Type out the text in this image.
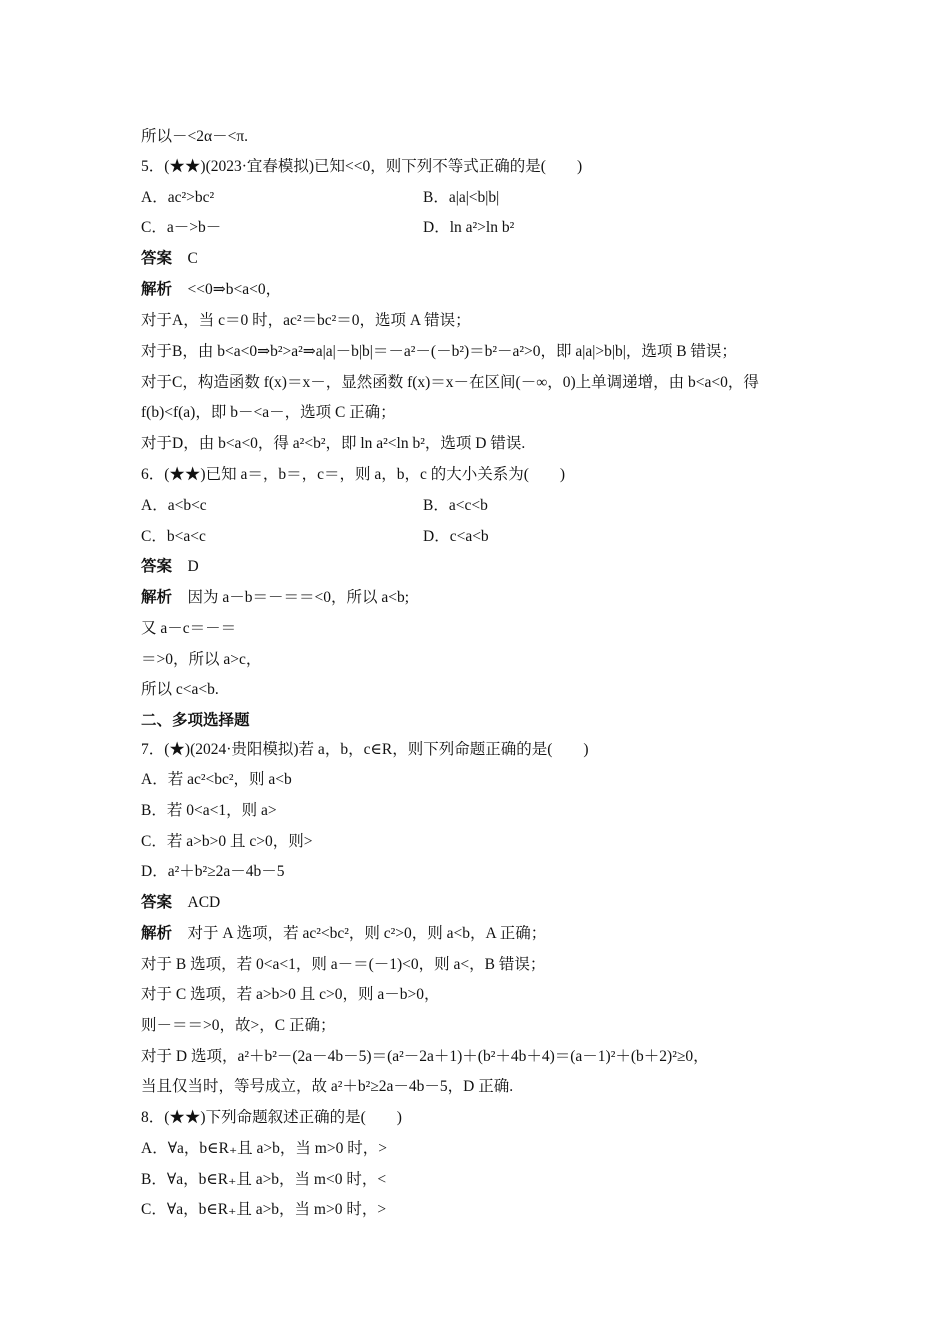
所以－<2α－<π.
5．(★★)(2023·宜春模拟)已知<<0，则下列不等式正确的是(　　)
A．ac²>bc²	B．a|a|<b|b|
C．a－>b－	D．ln a²>ln b²
答案　C
解析　<<0⇒b<a<0，
对于A，当 c＝0 时，ac²＝bc²＝0，选项 A 错误；
对于B，由 b<a<0⇒b²>a²⇒a|a|－b|b|＝－a²－(－b²)＝b²－a²>0，即 a|a|>b|b|，选项 B 错误；
对于C，构造函数 f(x)＝x－，显然函数 f(x)＝x－在区间(－∞，0)上单调递增，由 b<a<0，得
f(b)<f(a)，即 b－<a－，选项 C 正确；
对于D，由 b<a<0，得 a²<b²，即 ln a²<ln b²，选项 D 错误.
6．(★★)已知 a＝，b＝，c＝，则 a，b，c 的大小关系为(　　)
A．a<b<c	B．a<c<b
C．b<a<c	D．c<a<b
答案　D
解析　因为 a－b＝－＝＝<0，所以 a<b;
又 a－c＝－＝
＝>0，所以 a>c，
所以 c<a<b.
二、多项选择题
7．(★)(2024·贵阳模拟)若 a，b，c∈R，则下列命题正确的是(　　)
A．若 ac²<bc²，则 a<b
B．若 0<a<1，则 a>
C．若 a>b>0 且 c>0，则>
D．a²＋b²≥2a－4b－5
答案　ACD
解析　对于 A 选项，若 ac²<bc²，则 c²>0，则 a<b，A 正确；
对于 B 选项，若 0<a<1，则 a－＝(－1)<0，则 a<，B 错误；
对于 C 选项，若 a>b>0 且 c>0，则 a－b>0，
则－＝＝>0，故>，C 正确；
对于 D 选项，a²＋b²－(2a－4b－5)＝(a²－2a＋1)＋(b²＋4b＋4)＝(a－1)²＋(b＋2)²≥0，
当且仅当时，等号成立，故 a²＋b²≥2a－4b－5，D 正确.
8．(★★)下列命题叙述正确的是(　　)
A．∀a，b∈R₊且 a>b，当 m>0 时，>
B．∀a，b∈R₊且 a>b，当 m<0 时，<
C．∀a，b∈R₊且 a>b，当 m>0 时，>
